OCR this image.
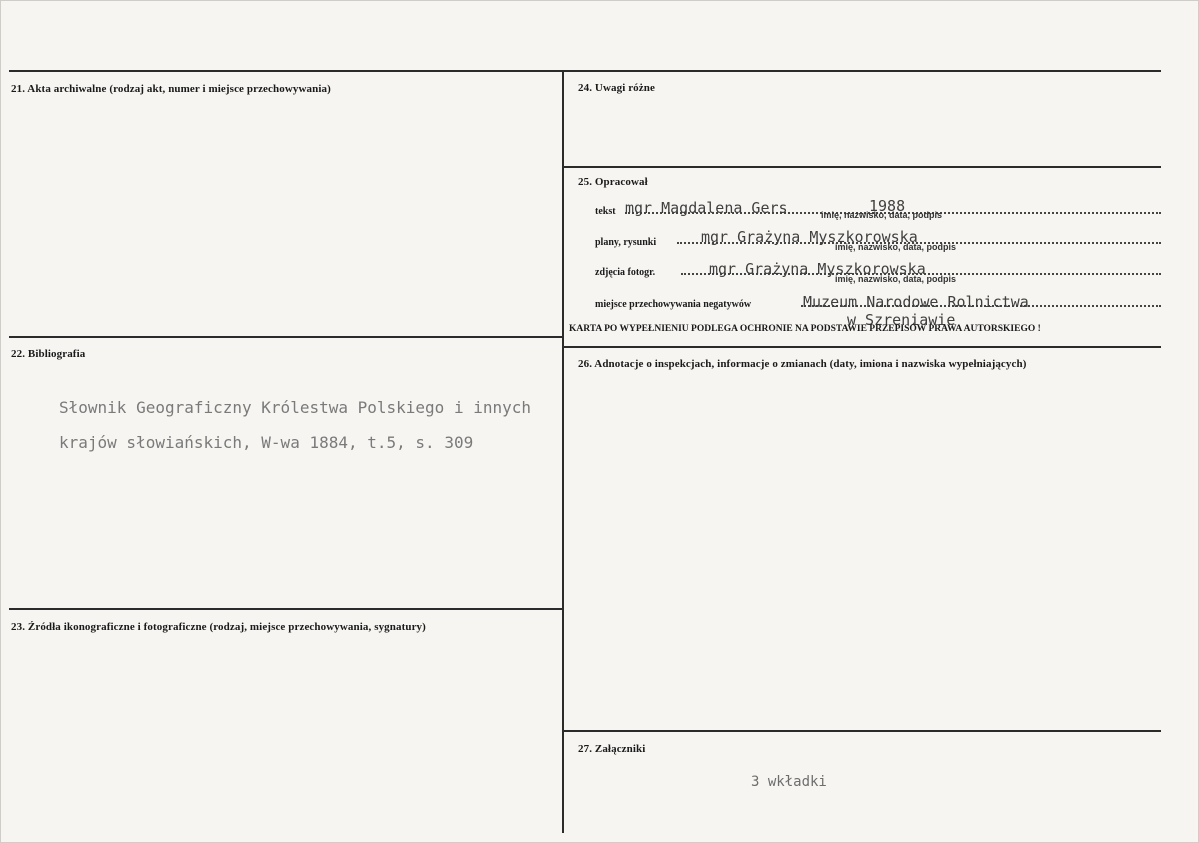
21. Akta archiwalne (rodzaj akt, numer i miejsce przechowywania)
22. Bibliografia
Słownik Geograficzny Królestwa Polskiego i innych
krajów słowiańskich, W-wa 1884, t.5, s. 309
23. Źródła ikonograficzne i fotograficzne (rodzaj, miejsce przechowywania, sygnatury)
24. Uwagi różne
25. Opracował
tekst mgr Magdalena Gers	1988
imię, nazwisko, data, podpis
plany, rysunki	mgr Grażyna Myszkorowska
imię, nazwisko, data, podpis
zdjęcia fotogr.	mgr Grażyna Myszkorowska
imię, nazwisko, data, podpis
miejsce przechowywania negatywów	Muzeum Narodowe Rolnictwa
w Szreniawie
KARTA PO WYPEŁNIENIU PODLEGA OCHRONIE NA PODSTAWIE PRZEPISÓW PRAWA AUTORSKIEGO !
26. Adnotacje o inspekcjach, informacje o zmianach (daty, imiona i nazwiska wypełniających)
27. Załączniki
3 wkładki
